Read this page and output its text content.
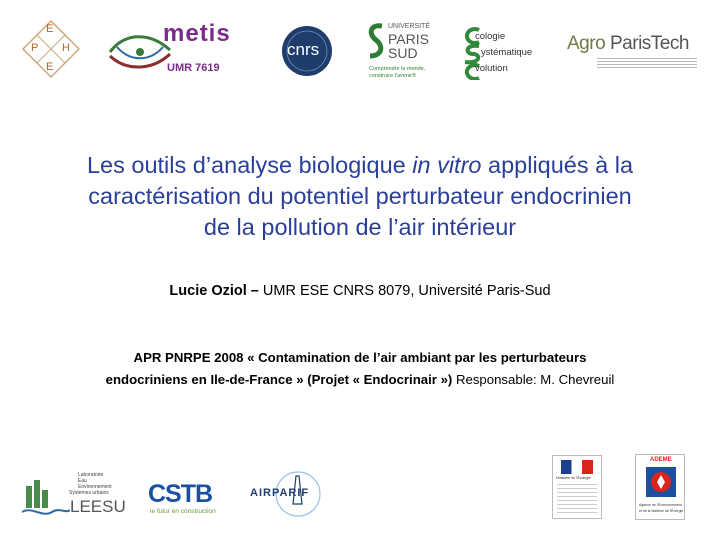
E
P H
E
metis
UMR 7619
cnrs
UNIVERSITÉ
PARIS
SUD
Comprendre le monde,
construire l'avenir®
cologie
ystématique
volution
Agro ParisTech
Les outils d’analyse biologique in vitro appliqués à la
caractérisation du potentiel perturbateur endocrinien
de la pollution de l’air intérieur
Lucie Oziol – UMR ESE CNRS 8079, Université Paris-Sud
APR PNRPE 2008 « Contamination de l’air ambiant par les perturbateurs
endocriniens en Ile-de-France » (Projet « Endocrinair ») Responsable: M. Chevreuil
Laboratoire
Eau
Environnement
Systèmes urbains
LEESU CSTB
le futur en construction
AIRPARIF
Ministère de l'Écologie
ADEME
Agence de l'Environnement
et de la Maîtrise de l'Énergie
